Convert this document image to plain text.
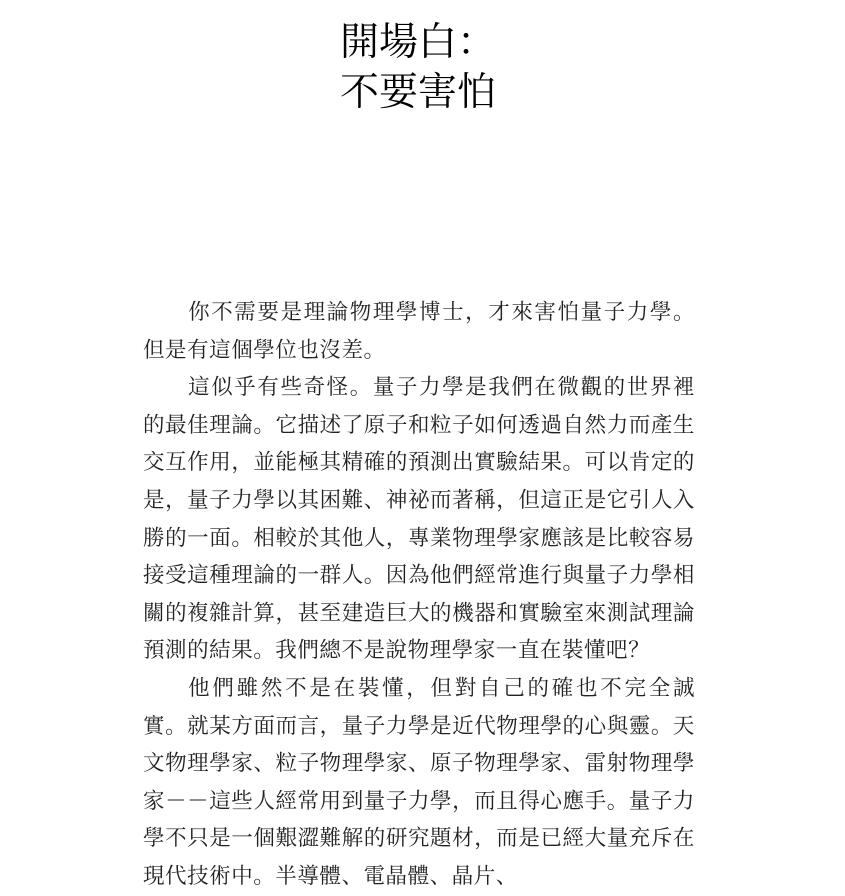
開場白：
不要害怕

你不需要是理論物理學博士，才來害怕量子力學。但是有這個學位也沒差。

這似乎有些奇怪。量子力學是我們在微觀的世界裡的最佳理論。它描述了原子和粒子如何透過自然力而產生交互作用，並能極其精確的預測出實驗結果。可以肯定的是，量子力學以其困難、神祕而著稱，但這正是它引人入勝的一面。相較於其他人，專業物理學家應該是比較容易接受這種理論的一群人。因為他們經常進行與量子力學相關的複雜計算，甚至建造巨大的機器和實驗室來測試理論預測的結果。我們總不是說物理學家一直在裝懂吧？

他們雖然不是在裝懂，但對自己的確也不完全誠實。就某方面而言，量子力學是近代物理學的心與靈。天文物理學家、粒子物理學家、原子物理學家、雷射物理學家－－這些人經常用到量子力學，而且得心應手。量子力學不只是一個艱澀難解的研究題材，而是已經大量充斥在現代技術中。半導體、電晶體、晶片、
